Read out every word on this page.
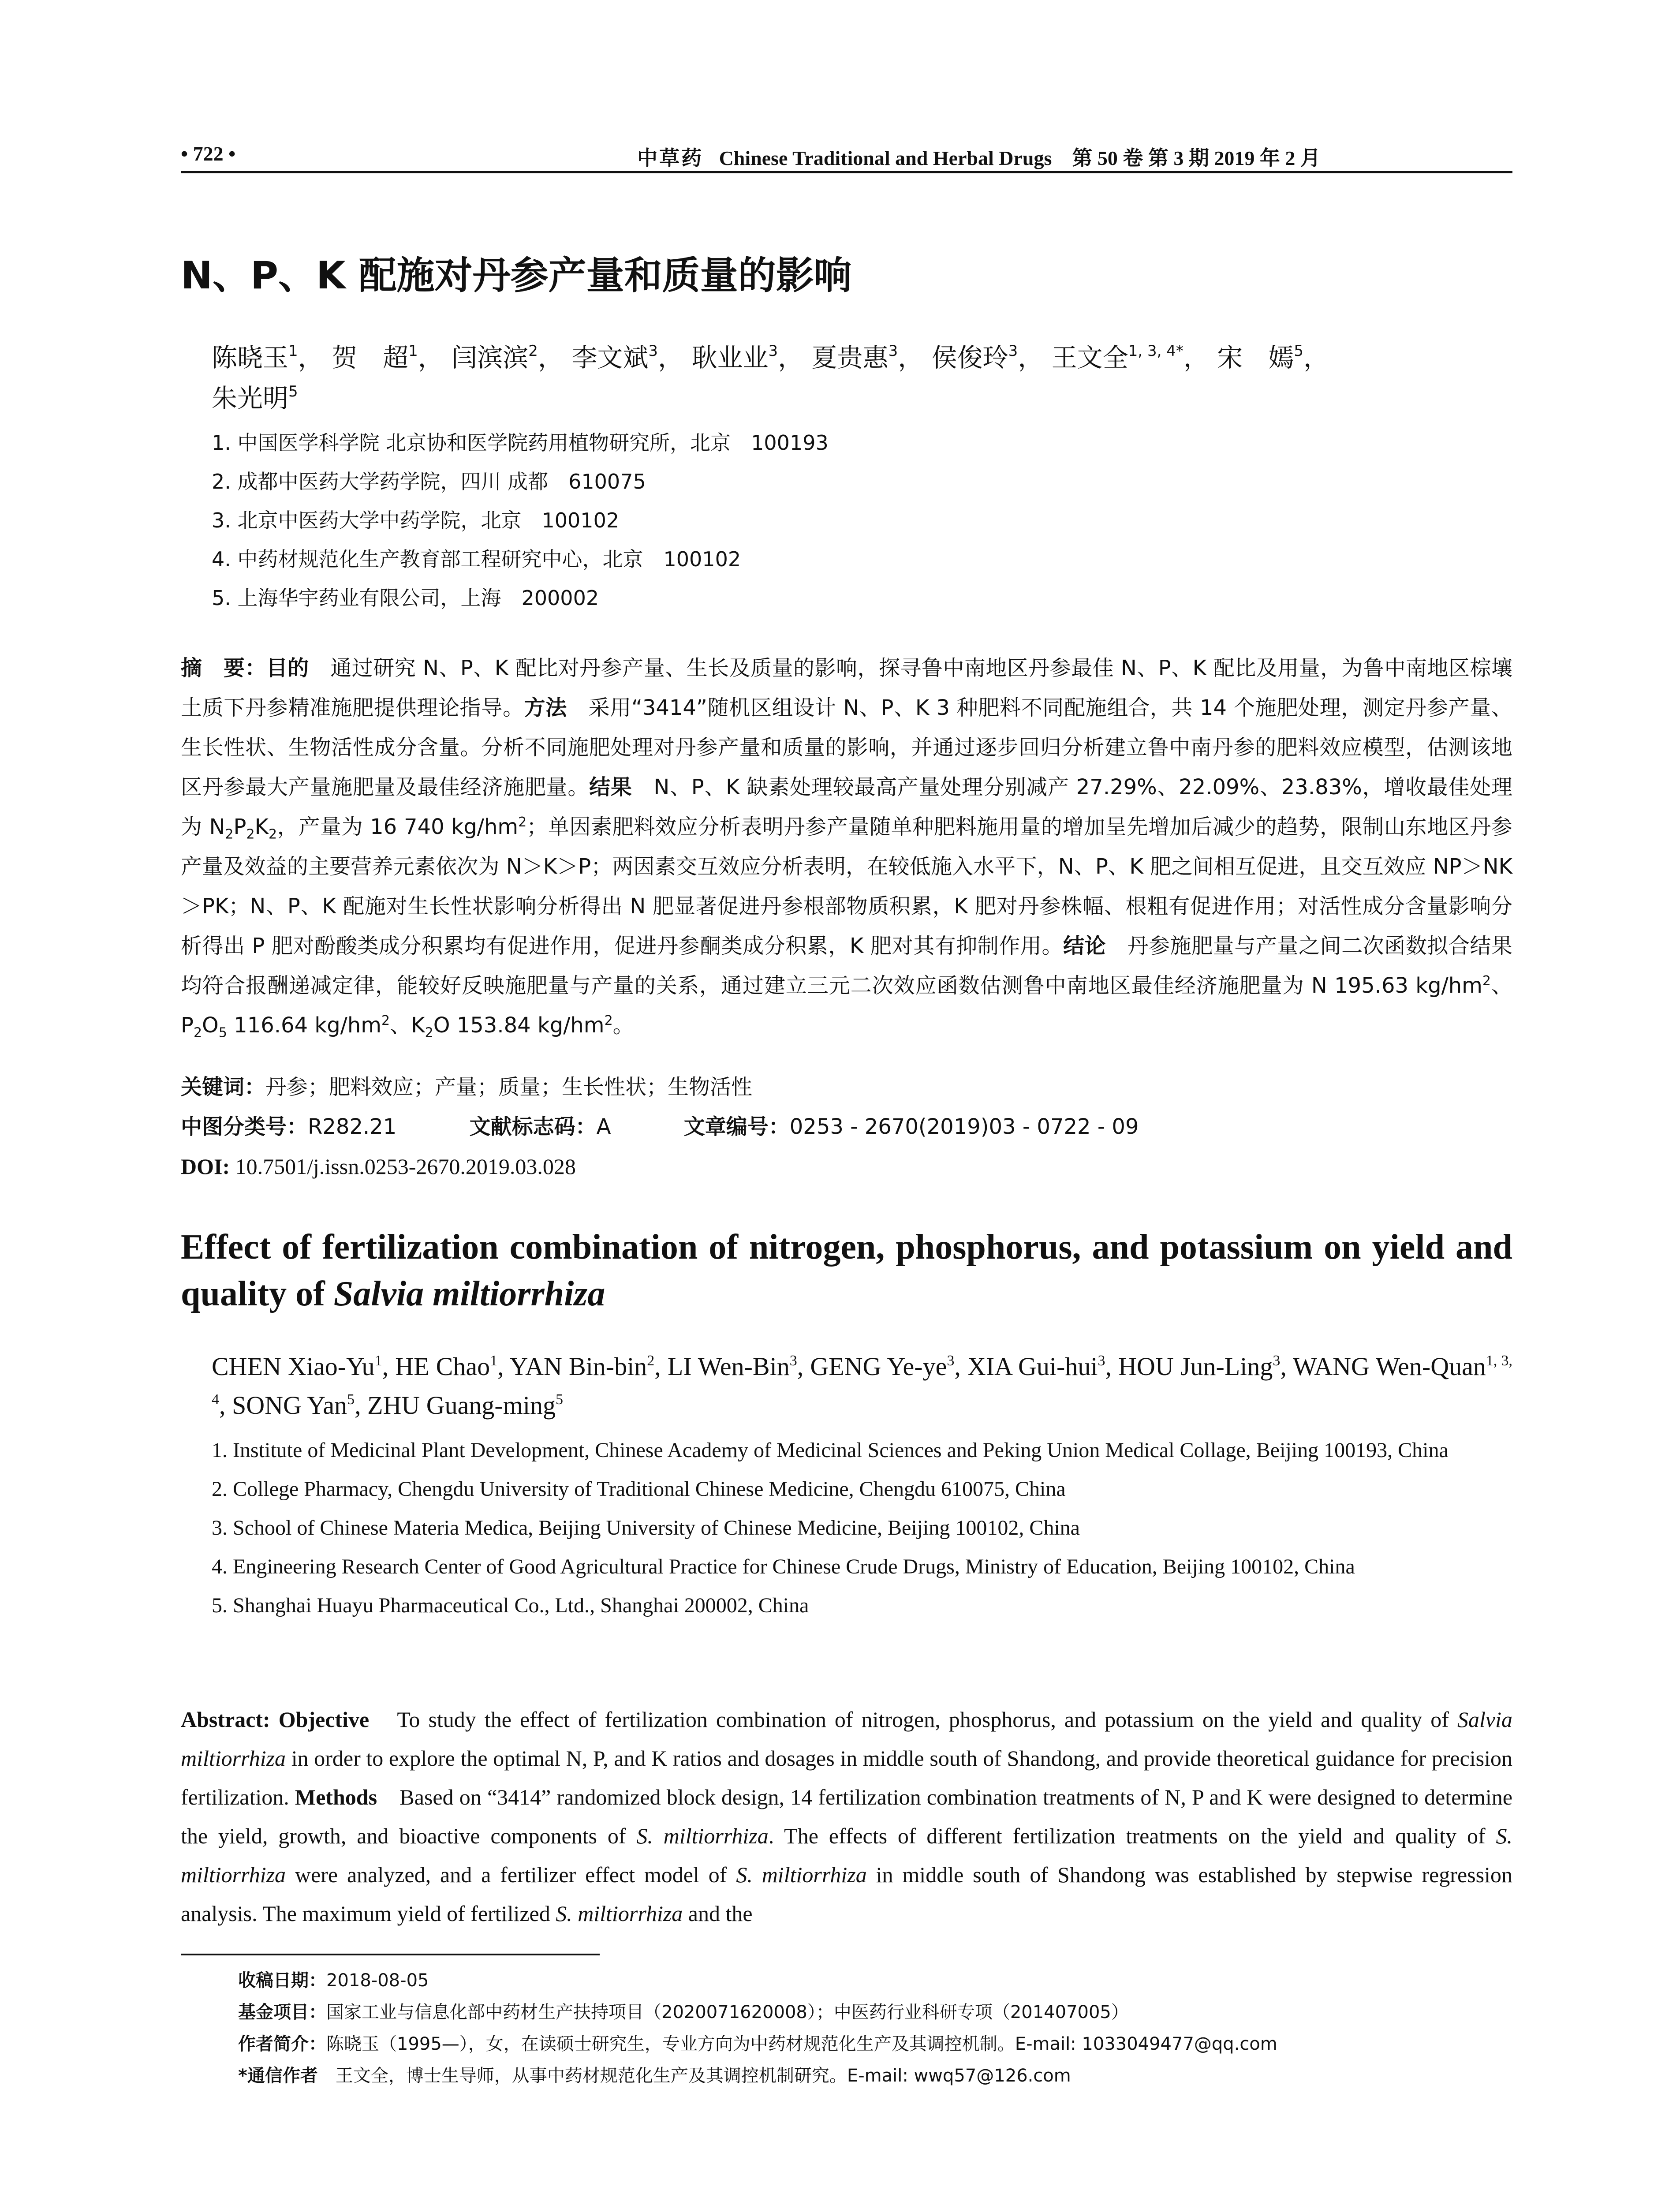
• 722 •	中草药 Chinese Traditional and Herbal Drugs 第 50 卷 第 3 期 2019 年 2 月
N、P、K 配施对丹参产量和质量的影响
陈晓玉$^1$， 贺　超$^1$， 闫滨滨$^2$， 李文斌$^3$， 耿业业$^3$， 夏贵惠$^3$， 侯俊玲$^3$， 王文全$^{1, 3, 4*}$， 宋　嫣$^5$，
朱光明$^5$
1. 中国医学科学院 北京协和医学院药用植物研究所，北京　100193
2. 成都中医药大学药学院，四川 成都　610075
3. 北京中医药大学中药学院，北京　100102
4. 中药材规范化生产教育部工程研究中心，北京　100102
5. 上海华宇药业有限公司，上海　200002
摘　要：目的　 通过研究 N、P、K 配比对丹参产量、生长及质量的影响，探寻鲁中南地区丹参最佳 N、P、K 配比及用量，为鲁中南地区棕壤土质下丹参精准施肥提供理论指导。方法　 采用“3414”随机区组设计 N、P、K 3 种肥料不同配施组合，共 14 个施肥处理，测定丹参产量、生长性状、生物活性成分含量。分析不同施肥处理对丹参产量和质量的影响，并通过逐步回归分析建立鲁中南丹参的肥料效应模型，估测该地区丹参最大产量施肥量及最佳经济施肥量。结果　 N、P、K 缺素处理较最高产量处理分别减产 27.29%、22.09%、23.83%，增收最佳处理为 $N_2P_2K_2$，产量为 16 740 $kg/hm^2$；单因素肥料效应分析表明丹参产量随单种肥料施用量的增加呈先增加后减少的趋势，限制山东地区丹参产量及效益的主要营养元素依次为 N＞K＞P；两因素交互效应分析表明，在较低施入水平下，N、P、K 肥之间相互促进，且交互效应 NP＞NK＞PK；N、P、K 配施对生长性状影响分析得出 N 肥显著促进丹参根部物质积累，K 肥对丹参株幅、根粗有促进作用；对活性成分含量影响分析得出 P 肥对酚酸类成分积累均有促进作用，促进丹参酮类成分积累，K 肥对其有抑制作用。结论　 丹参施肥量与产量之间二次函数拟合结果均符合报酬递减定律，能较好反映施肥量与产量的关系，通过建立三元二次效应函数估测鲁中南地区最佳经济施肥量为 N 195.63 $kg/hm^2$、$P_2O_5$ 116.64 $kg/hm^2$、$K_2O$ 153.84 $kg/hm^2$。
关键词：丹参；肥料效应；产量；质量；生长性状；生物活性
中图分类号：R282.21	文献标志码：A	文章编号：0253 - 2670(2019)03 - 0722 - 09
DOI: 10.7501/j.issn.0253-2670.2019.03.028
Effect of fertilization combination of nitrogen, phosphorus, and potassium on yield and quality of Salvia miltiorrhiza
CHEN Xiao-Yu$^1$, HE Chao$^1$, YAN Bin-bin$^2$, LI Wen-Bin$^3$, GENG $Ye-ye^3$, XIA Gui-hui$^3$, HOU Jun-Ling$^3$, WANG Wen-Quan$^{1, 3, 4}$, SONG Yan$^5$, ZHU Guang-ming$^5$
1. Institute of Medicinal Plant Development, Chinese Academy of Medicinal Sciences and Peking Union Medical Collage, Beijing 100193, China
2. College Pharmacy, Chengdu University of Traditional Chinese Medicine, Chengdu 610075, China
3. School of Chinese Materia Medica, Beijing University of Chinese Medicine, Beijing 100102, China
4. Engineering Research Center of Good Agricultural Practice for Chinese Crude Drugs, Ministry of Education, Beijing 100102, China
5. Shanghai Huayu Pharmaceutical Co., Ltd., Shanghai 200002, China
Abstract: Objective　 To study the effect of fertilization combination of nitrogen, phosphorus, and potassium on the yield and quality of Salvia miltiorrhiza in order to explore the optimal N, P, and K ratios and dosages in middle south of Shandong, and provide theoretical guidance for precision fertilization. Methods　 Based on “3414” randomized block design, 14 fertilization combination treatments of N, P and K were designed to determine the yield, growth, and bioactive components of S. miltiorrhiza. The effects of different fertilization treatments on the yield and quality of S. miltiorrhiza were analyzed, and a fertilizer effect model of S. miltiorrhiza in middle south of Shandong was established by stepwise regression analysis. The maximum yield of fertilized S. miltiorrhiza and the
收稿日期：2018-08-05
基金项目：国家工业与信息化部中药材生产扶持项目（2020071620008）；中医药行业科研专项（201407005）
作者简介：陈晓玉（1995—），女，在读硕士研究生，专业方向为中药材规范化生产及其调控机制。E-mail: 1033049477@qq.com
*通信作者　王文全，博士生导师，从事中药材规范化生产及其调控机制研究。E-mail: wwq57@126.com
